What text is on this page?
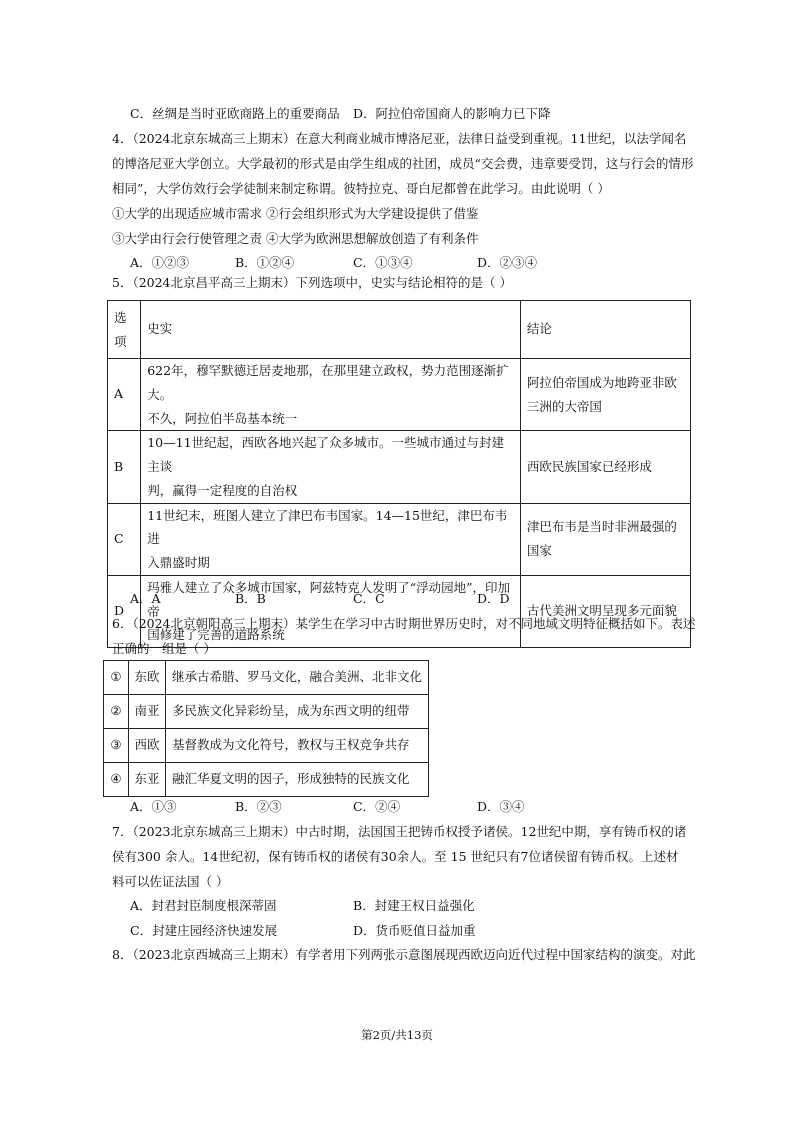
C．丝绸是当时亚欧商路上的重要商品 D．阿拉伯帝国商人的影响力已下降
4．（2024北京东城高三上期末）在意大利商业城市博洛尼亚，法律日益受到重视。11世纪，以法学闻名
的博洛尼亚大学创立。大学最初的形式是由学生组成的社团，成员“交会费，违章要受罚，这与行会的情形
相同”，大学仿效行会学徒制来制定称谓。彼特拉克、哥白尼都曾在此学习。由此说明（ ）
①大学的出现适应城市需求 ②行会组织形式为大学建设提供了借鉴
③大学由行会行使管理之责 ④大学为欧洲思想解放创造了有利条件
A．①②③	B．①②④	C．①③④	D．②③④
5．（2024北京昌平高三上期末）下列选项中，史实与结论相符的是（ ）
选
项	史实	结论
A	622年，穆罕默德迁居麦地那，在那里建立政权，势力范围逐渐扩大。
不久，阿拉伯半岛基本统一	阿拉伯帝国成为地跨亚非欧
三洲的大帝国
B	10—11世纪起，西欧各地兴起了众多城市。一些城市通过与封建主谈
判，赢得一定程度的自治权	西欧民族国家已经形成
C	11世纪末，班图人建立了津巴布韦国家。14—15世纪，津巴布韦进
入鼎盛时期	津巴布韦是当时非洲最强的
国家
D	玛雅人建立了众多城市国家，阿兹特克人发明了“浮动园地”，印加帝
国修建了完善的道路系统	古代美洲文明呈现多元面貌
A．A	B．B	C．C	D．D
6．（2024北京朝阳高三上期末）某学生在学习中古时期世界历史时，对不同地域文明特征概括如下。表述
正确的一组是（ ）
①	东欧	继承古希腊、罗马文化，融合美洲、北非文化
②	南亚	多民族文化异彩纷呈，成为东西文明的纽带
③	西欧	基督教成为文化符号，教权与王权竞争共存
④	东亚	融汇华夏文明的因子，形成独特的民族文化
A．①③	B．②③	C．②④	D．③④
7．（2023北京东城高三上期末）中古时期，法国国王把铸币权授予诸侯。12世纪中期，享有铸币权的诸
侯有300 余人。14世纪初，保有铸币权的诸侯有30余人。至 15 世纪只有7位诸侯留有铸币权。上述材
料可以佐证法国（ ）
A．封君封臣制度根深蒂固	B．封建王权日益强化
C．封建庄园经济快速发展	D．货币贬值日益加重
8．（2023北京西城高三上期末）有学者用下列两张示意图展现西欧迈向近代过程中国家结构的演变。对此
第2页/共13页
